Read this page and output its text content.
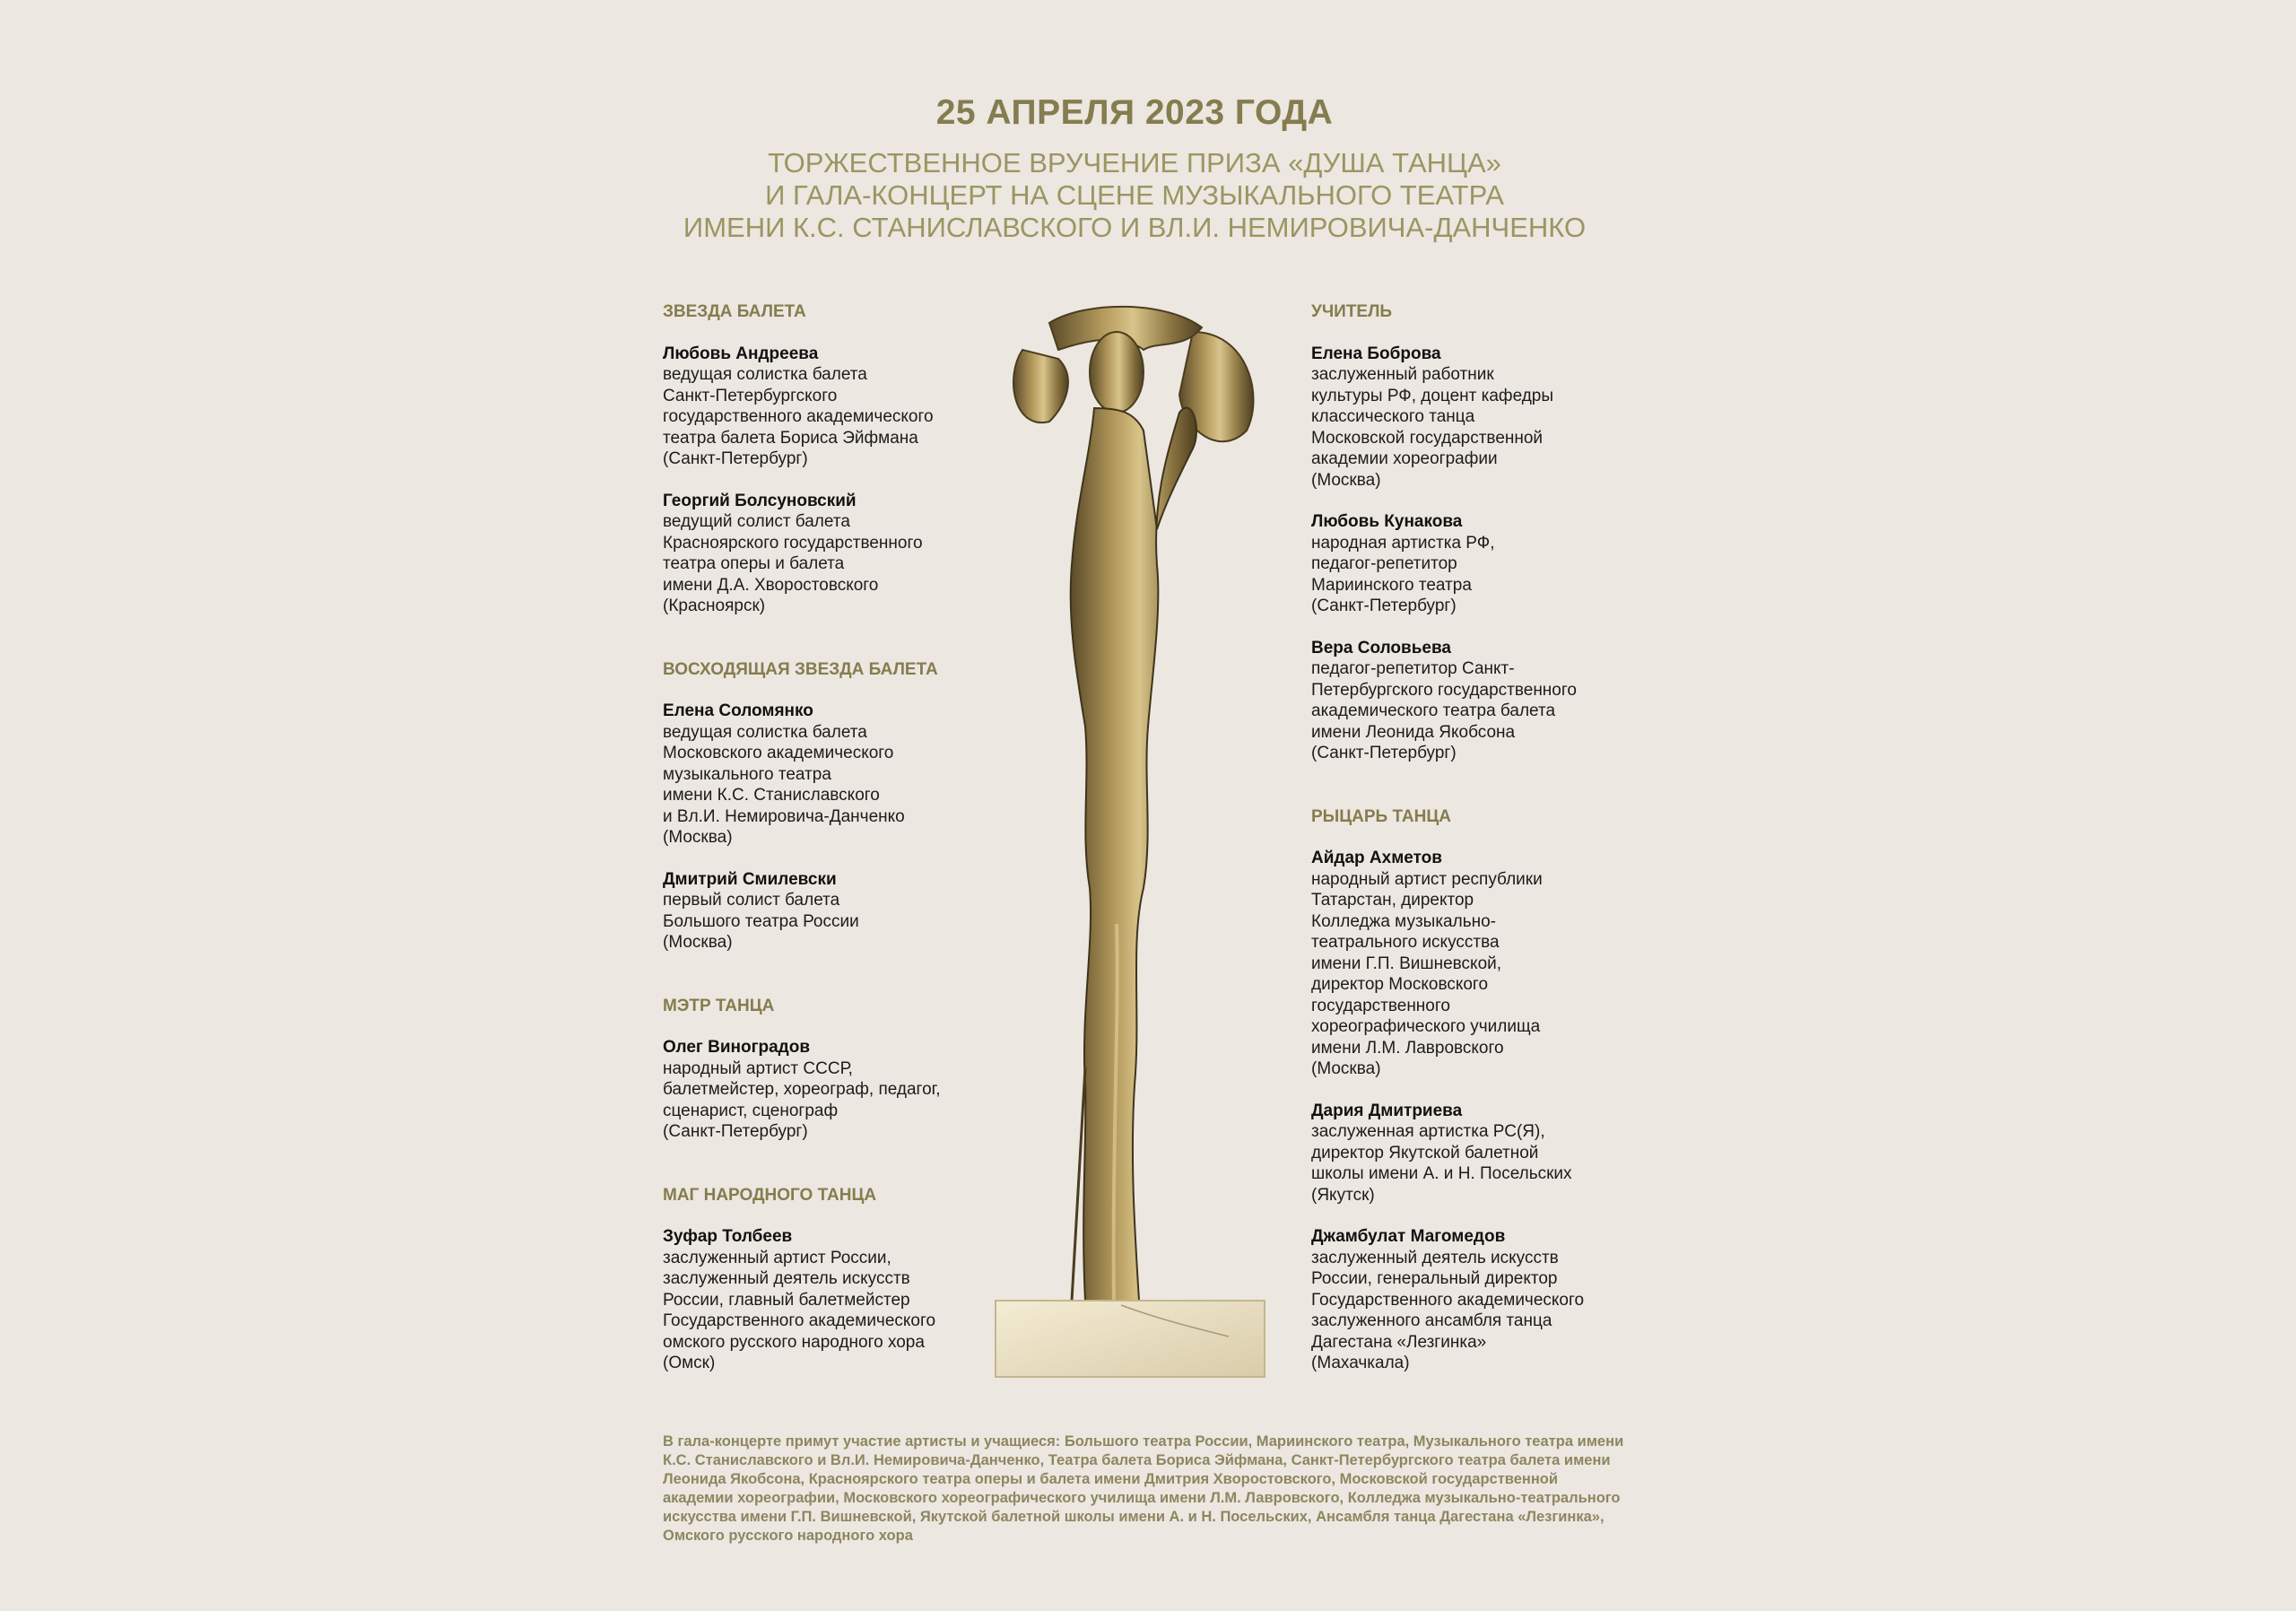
25 АПРЕЛЯ 2023 ГОДА
ТОРЖЕСТВЕННОЕ ВРУЧЕНИЕ ПРИЗА «ДУША ТАНЦА»
И ГАЛА-КОНЦЕРТ НА СЦЕНЕ МУЗЫКАЛЬНОГО ТЕАТРА
ИМЕНИ К.С. СТАНИСЛАВСКОГО И ВЛ.И. НЕМИРОВИЧА-ДАНЧЕНКО
ЗВЕЗДА БАЛЕТА
Любовь Андреева
ведущая солистка балета
Санкт-Петербургского
государственного академического
театра балета Бориса Эйфмана
(Санкт-Петербург)
Георгий Болсуновский
ведущий солист балета
Красноярского государственного
театра оперы и балета
имени Д.А. Хворостовского
(Красноярск)
ВОСХОДЯЩАЯ ЗВЕЗДА БАЛЕТА
Елена Соломянко
ведущая солистка балета
Московского академического
музыкального театра
имени К.С. Станиславского
и Вл.И. Немировича-Данченко
(Москва)
Дмитрий Смилевски
первый солист балета
Большого театра России
(Москва)
МЭТР ТАНЦА
Олег Виноградов
народный артист СССР,
балетмейстер, хореограф, педагог,
сценарист, сценограф
(Санкт-Петербург)
МАГ НАРОДНОГО ТАНЦА
Зуфар Толбеев
заслуженный артист России,
заслуженный деятель искусств
России, главный балетмейстер
Государственного академического
омского русского народного хора
(Омск)
УЧИТЕЛЬ
Елена Боброва
заслуженный работник
культуры РФ, доцент кафедры
классического танца
Московской государственной
академии хореографии
(Москва)
Любовь Кунакова
народная артистка РФ,
педагог-репетитор
Мариинского театра
(Санкт-Петербург)
Вера Соловьева
педагог-репетитор Санкт-
Петербургского государственного
академического театра балета
имени Леонида Якобсона
(Санкт-Петербург)
РЫЦАРЬ ТАНЦА
Айдар Ахметов
народный артист республики
Татарстан, директор
Колледжа музыкально-
театрального искусства
имени Г.П. Вишневской,
директор Московского
государственного
хореографического училища
имени Л.М. Лавровского
(Москва)
Дария Дмитриева
заслуженная артистка РС(Я),
директор Якутской балетной
школы имени А. и Н. Посельских
(Якутск)
Джамбулат Магомедов
заслуженный деятель искусств
России, генеральный директор
Государственного академического
заслуженного ансамбля танца
Дагестана «Лезгинка»
(Махачкала)
В гала-концерте примут участие артисты и учащиеся: Большого театра России, Мариинского театра, Музыкального театра имени К.С. Станиславского и Вл.И. Немировича-Данченко, Театра балета Бориса Эйфмана, Санкт-Петербургского театра балета имени Леонида Якобсона, Красноярского театра оперы и балета имени Дмитрия Хворостовского, Московской государственной академии хореографии, Московского хореографического училища имени Л.М. Лавровского, Колледжа музыкально-театрального искусства имени Г.П. Вишневской, Якутской балетной школы имени А. и Н. Посельских, Ансамбля танца Дагестана «Лезгинка», Омского русского народного хора
